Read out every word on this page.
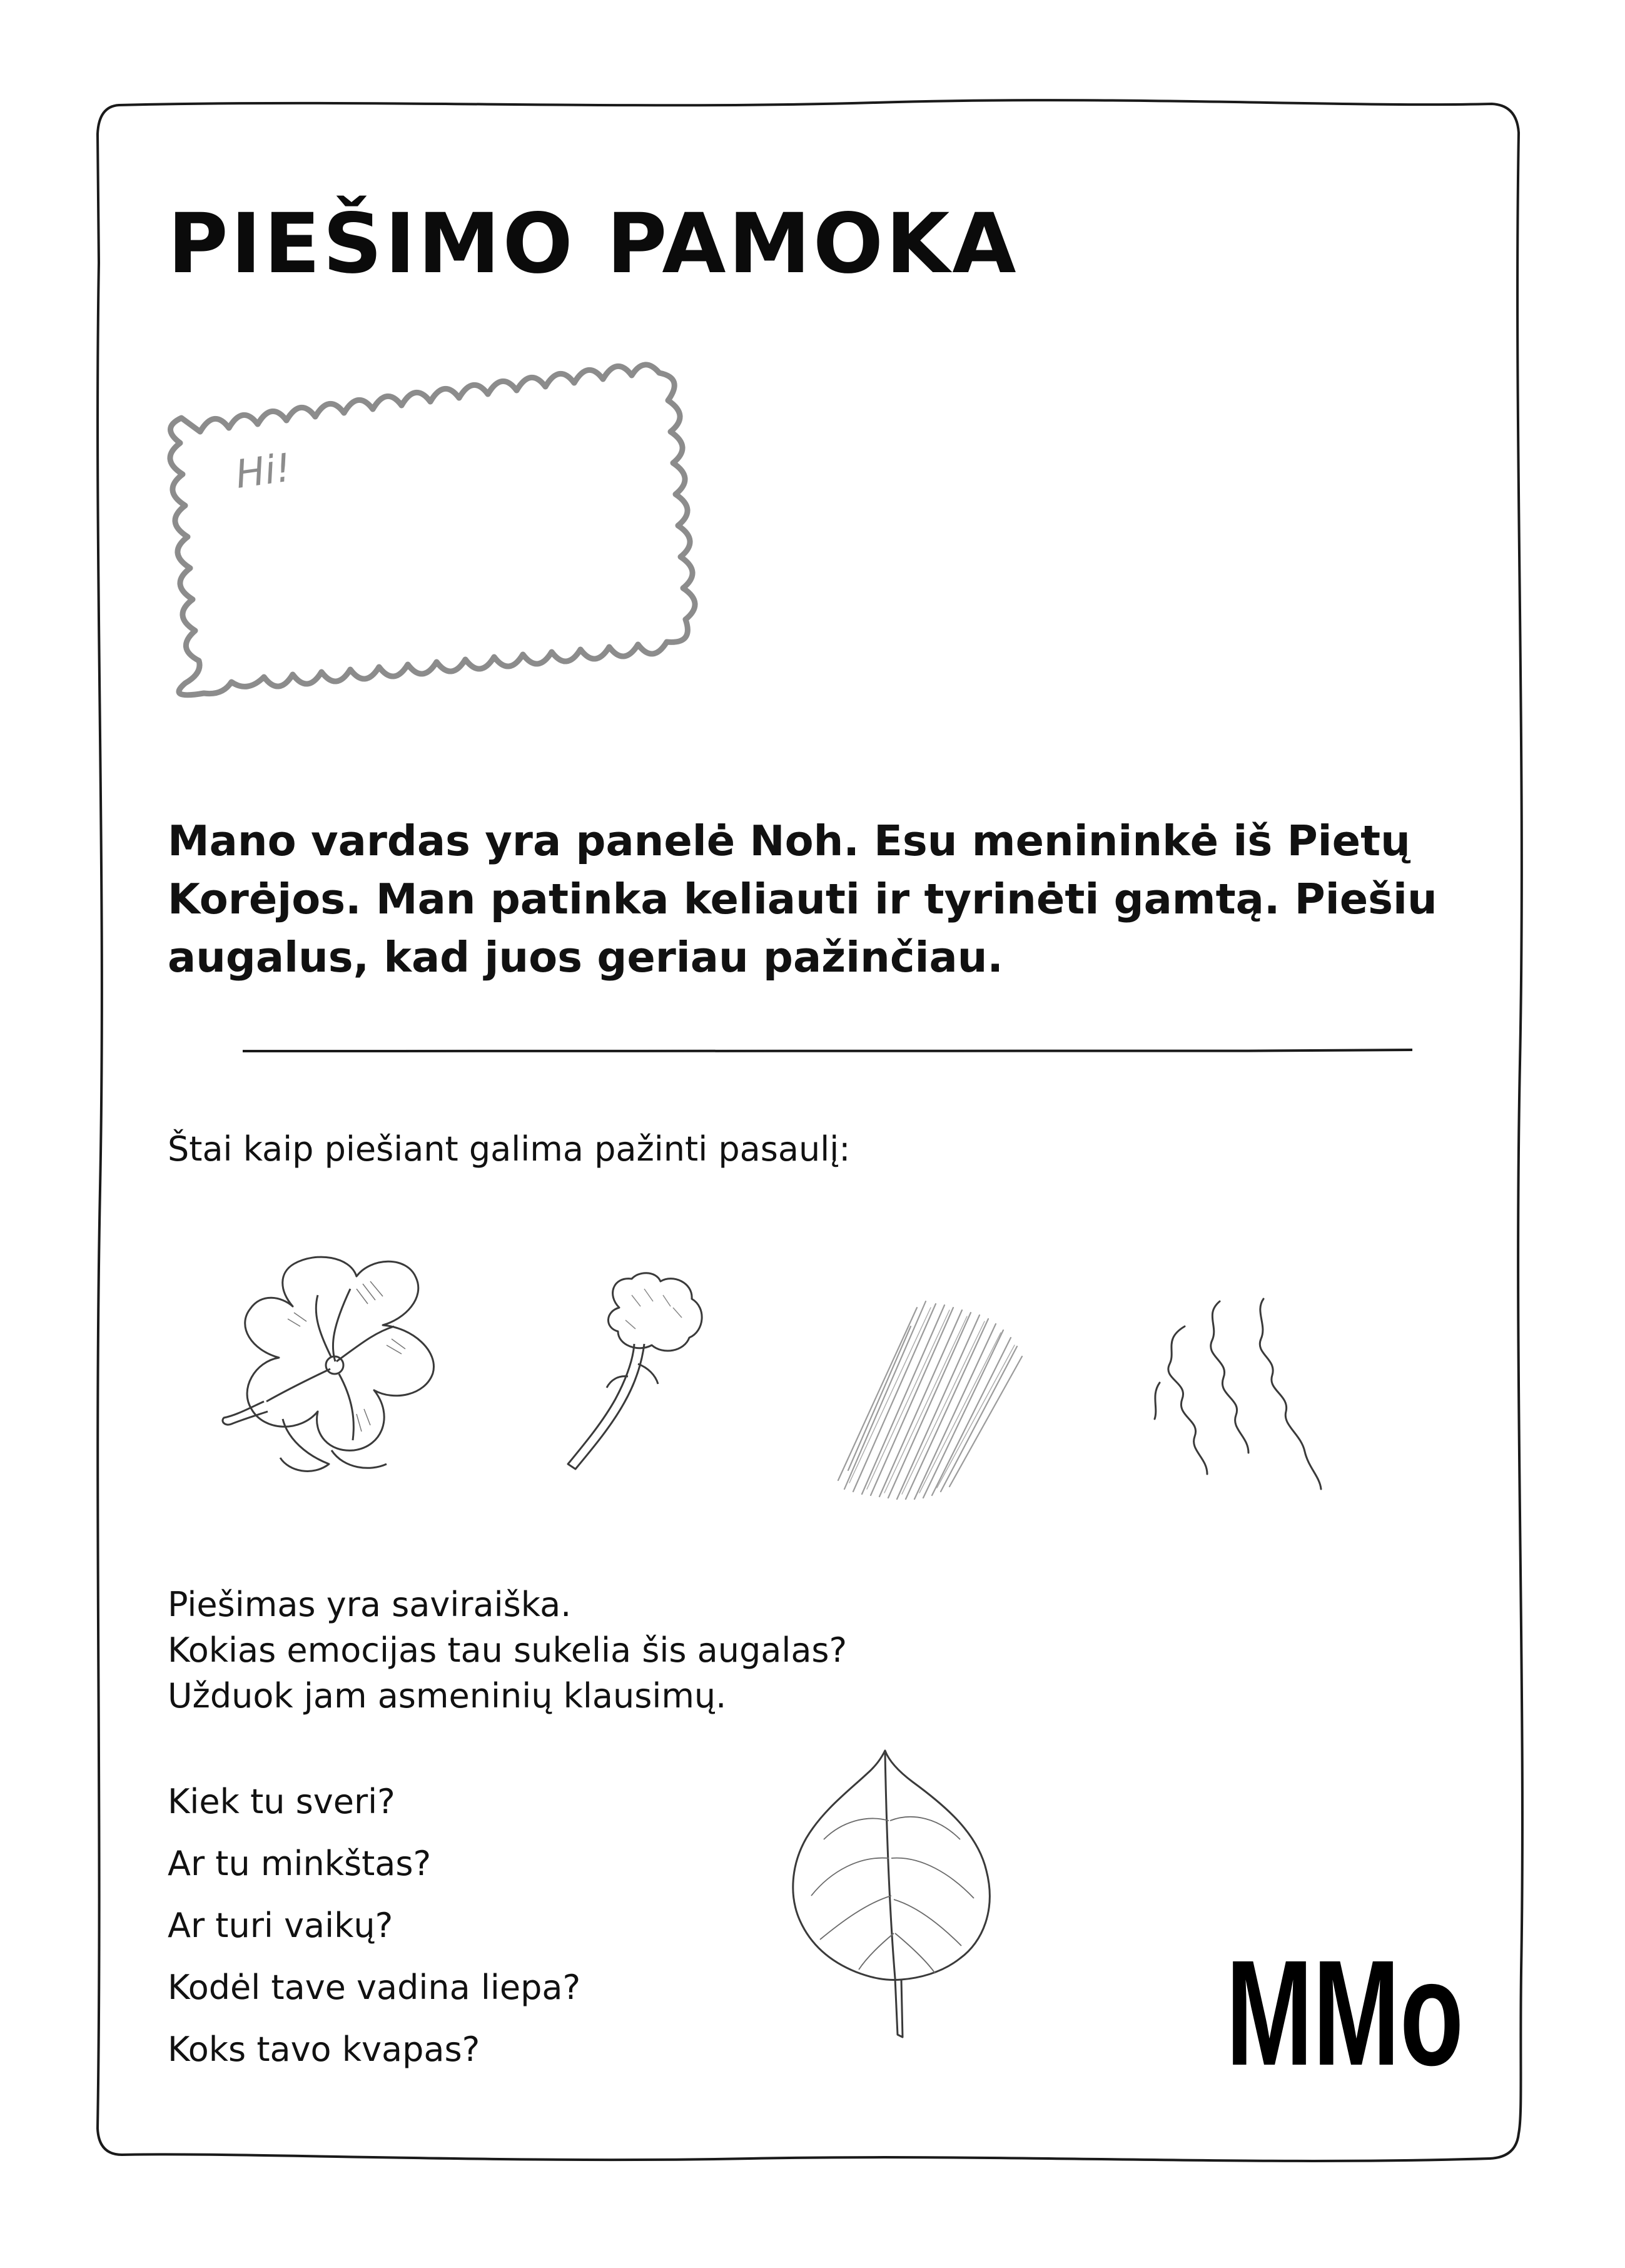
PIEŠIMO PAMOKA
Hi!

Mano vardas yra panelė Noh. Esu menininkė iš Pietų Korėjos. Man patinka keliauti ir tyrinėti gamtą. Piešiu augalus, kad juos geriau pažinčiau.

Štai kaip piešiant galima pažinti pasaulį:

Piešimas yra saviraiška.
Kokias emocijas tau sukelia šis augalas?
Užduok jam asmeninių klausimų.
Kiek tu sveri?
Ar tu minkštas?
Ar turi vaikų?
Kodėl tave vadina liepa?
Koks tavo kvapas?	MMo
